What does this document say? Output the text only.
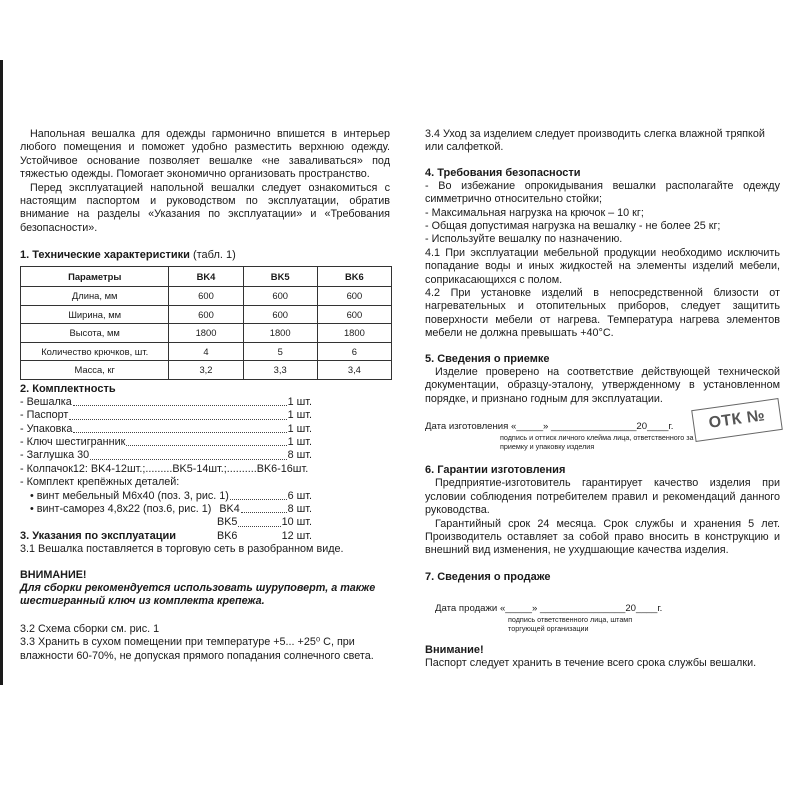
Напольная вешалка для одежды гармонично впишется в интерьер любого помещения и поможет удобно разместить верхнюю одежду. Устойчивое основание позволяет вешалке «не заваливаться» под тяжестью одежды. Помогает экономично организовать пространство.

Перед эксплуатацией напольной вешалки следует ознакомиться с настоящим паспортом и руководством по эксплуатации, обратив внимание на разделы «Указания по эксплуатации» и «Требования безопасности».

1. Технические характеристики (табл. 1)
Параметры	BK4	BK5	BK6
Длина, мм	600	600	600
Ширина, мм	600	600	600
Высота, мм	1800	1800	1800
Количество крючков, шт.	4	5	6
Масса, кг	3,2	3,3	3,4
2. Комплектность
- Вешалка	1 шт.
- Паспорт	1 шт.
- Упаковка	1 шт.
- Ключ шестигранник	1 шт.
- Заглушка 30	8 шт.

- Колпачок12: BK4-12шт.;.........BK5-14шт.;..........BK6-16шт.

- Комплект крепёжных деталей:

• винт мебельный М6х40 (поз. 3, рис. 1)	6 шт.
• винт-саморез 4,8х22 (поз.6, рис. 1) BK4	8 шт.
BK5	10 шт.
BK6	12 шт.
3. Указания по эксплуатации

3.1 Вешалка поставляется в торговую сеть в разобранном виде.

ВНИМАНИЕ!

Для сборки рекомендуется использовать шуруповерт, а также шестигранный ключ из комплекта крепежа.

3.2 Схема сборки см. рис. 1

3.3 Хранить в сухом помещении при температуре +5... +25⁰ С, при влажности 60-70%, не допуская прямого попадания солнечного света.

3.4 Уход за изделием следует производить слегка влажной тряпкой или салфеткой.

4. Требования безопасности

- Во избежание опрокидывания вешалки располагайте одежду симметрично относительно стойки;

- Максимальная нагрузка на крючок – 10 кг;

- Общая допустимая нагрузка на вешалку - не более 25 кг;

- Используйте вешалку по назначению.

4.1 При эксплуатации мебельной продукции необходимо исключить попадание воды и иных жидкостей на элементы изделий мебели, соприкасающихся с полом.

4.2 При установке изделий в непосредственной близости от нагревательных и отопительных приборов, следует защитить поверхности мебели от нагрева. Температура нагрева элементов мебели не должна превышать +40°С.

5. Сведения о приемке

Изделие проверено на соответствие действующей технической документации, образцу-эталону, утвержденному в установленном порядке, и признано годным для эксплуатации.

Дата изготовления «_____» ________________20____г.

подпись и оттиск личного клейма лица, ответственного за приемку и упаковку изделия

6. Гарантии изготовления

Предприятие-изготовитель гарантирует качество изделия при условии соблюдения потребителем правил и рекомендаций данного руководства.

Гарантийный срок 24 месяца. Срок службы и хранения 5 лет. Производитель оставляет за собой право вносить в конструкцию и внешний вид изменения, не ухудшающие качества изделия.

7. Сведения о продаже

Дата продажи «_____» ________________20____г.

подпись ответственного лица, штамп торгующей организации

Внимание!

Паспорт следует хранить в течение всего срока службы вешалки.

ОТК №
